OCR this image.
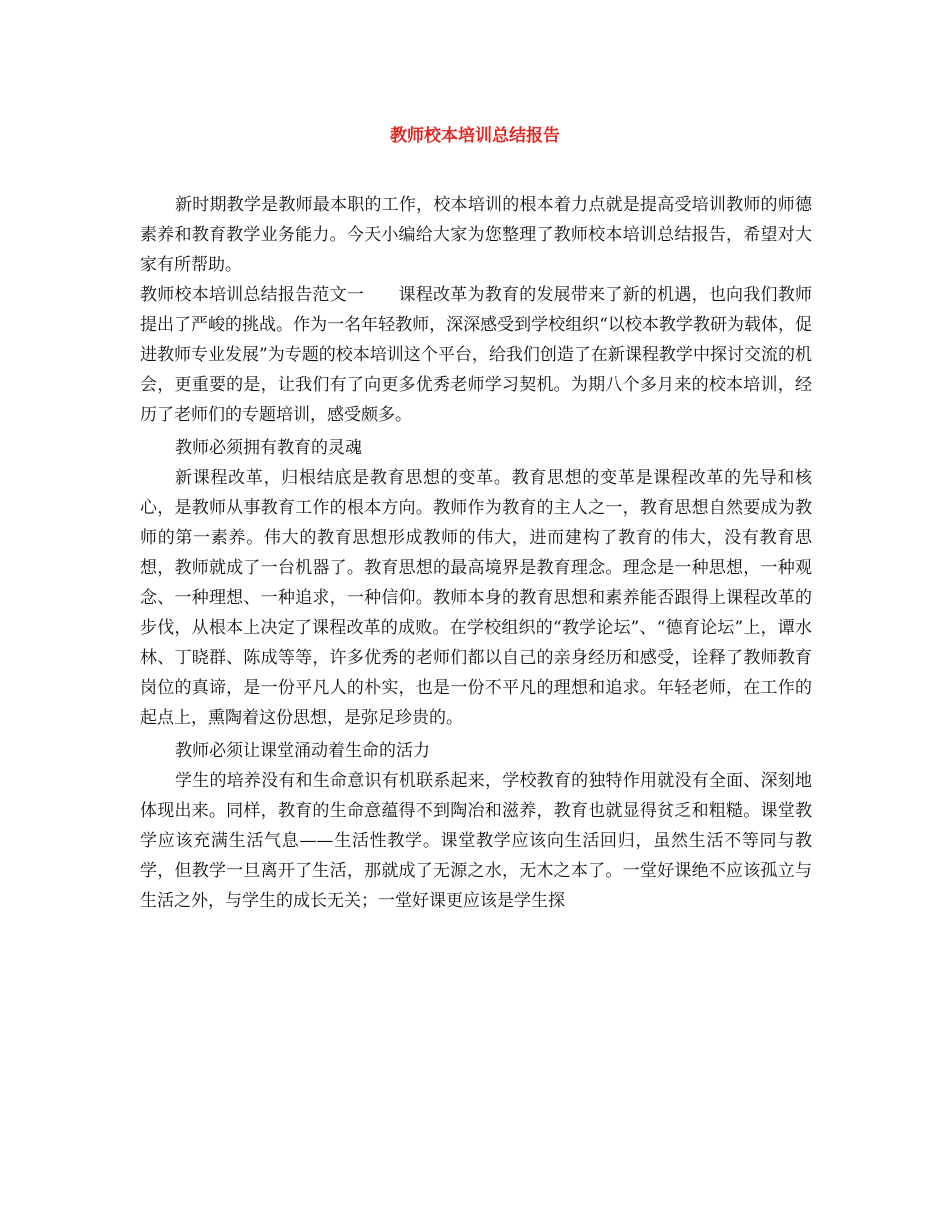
教师校本培训总结报告

新时期教学是教师最本职的工作，校本培训的根本着力点就是提高受培训教师的师德素养和教育教学业务能力。今天小编给大家为您整理了教师校本培训总结报告，希望对大家有所帮助。

教师校本培训总结报告范文一　　课程改革为教育的发展带来了新的机遇，也向我们教师提出了严峻的挑战。作为一名年轻教师，深深感受到学校组织“以校本教学教研为载体，促进教师专业发展”为专题的校本培训这个平台，给我们创造了在新课程教学中探讨交流的机会，更重要的是，让我们有了向更多优秀老师学习契机。为期八个多月来的校本培训，经历了老师们的专题培训，感受颇多。

教师必须拥有教育的灵魂

新课程改革，归根结底是教育思想的变革。教育思想的变革是课程改革的先导和核心，是教师从事教育工作的根本方向。教师作为教育的主人之一，教育思想自然要成为教师的第一素养。伟大的教育思想形成教师的伟大，进而建构了教育的伟大，没有教育思想，教师就成了一台机器了。教育思想的最高境界是教育理念。理念是一种思想，一种观念、一种理想、一种追求，一种信仰。教师本身的教育思想和素养能否跟得上课程改革的步伐，从根本上决定了课程改革的成败。在学校组织的“教学论坛”、“德育论坛”上，谭水林、丁晓群、陈成等等，许多优秀的老师们都以自己的亲身经历和感受，诠释了教师教育岗位的真谛，是一份平凡人的朴实，也是一份不平凡的理想和追求。年轻老师，在工作的起点上，熏陶着这份思想，是弥足珍贵的。

教师必须让课堂涌动着生命的活力

学生的培养没有和生命意识有机联系起来，学校教育的独特作用就没有全面、深刻地体现出来。同样，教育的生命意蕴得不到陶冶和滋养，教育也就显得贫乏和粗糙。课堂教学应该充满生活气息——生活性教学。课堂教学应该向生活回归，虽然生活不等同与教学，但教学一旦离开了生活，那就成了无源之水，无木之本了。一堂好课绝不应该孤立与生活之外，与学生的成长无关；一堂好课更应该是学生探
